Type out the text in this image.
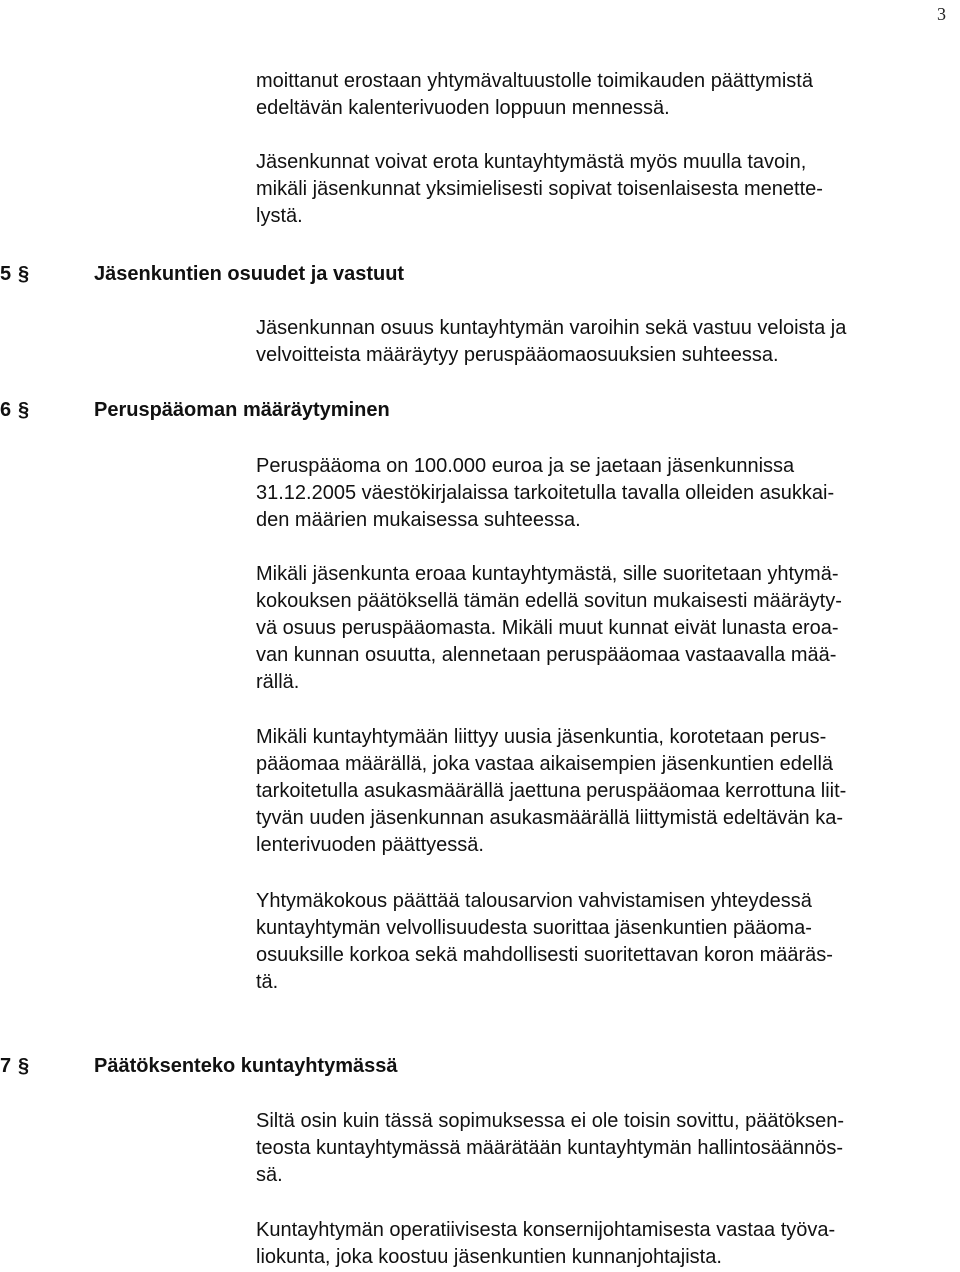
3

moittanut erostaan yhtymävaltuustolle toimikauden päättymistä
edeltävän kalenterivuoden loppuun mennessä.

Jäsenkunnat voivat erota kuntayhtymästä myös muulla tavoin,
mikäli jäsenkunnat yksimielisesti sopivat toisenlaisesta menette-
lystä.

5 §	Jäsenkuntien osuudet ja vastuut

Jäsenkunnan osuus kuntayhtymän varoihin sekä vastuu veloista ja
velvoitteista määräytyy peruspääomaosuuksien suhteessa.

6 §	Peruspääoman määräytyminen

Peruspääoma on 100.000 euroa ja se jaetaan jäsenkunnissa
31.12.2005 väestökirjalaissa tarkoitetulla tavalla olleiden asukkai-
den määrien mukaisessa suhteessa.

Mikäli jäsenkunta eroaa kuntayhtymästä, sille suoritetaan yhtymä-
kokouksen päätöksellä tämän edellä sovitun mukaisesti määräyty-
vä osuus peruspääomasta. Mikäli muut kunnat eivät lunasta eroa-
van kunnan osuutta, alennetaan peruspääomaa vastaavalla mää-
rällä.

Mikäli kuntayhtymään liittyy uusia jäsenkuntia, korotetaan perus-
pääomaa määrällä, joka vastaa aikaisempien jäsenkuntien edellä
tarkoitetulla asukasmäärällä jaettuna peruspääomaa kerrottuna liit-
tyvän uuden jäsenkunnan asukasmäärällä liittymistä edeltävän ka-
lenterivuoden päättyessä.

Yhtymäkokous päättää talousarvion vahvistamisen yhteydessä
kuntayhtymän velvollisuudesta suorittaa jäsenkuntien pääoma-
osuuksille korkoa sekä mahdollisesti suoritettavan koron määräs-
tä.

7 §	Päätöksenteko kuntayhtymässä

Siltä osin kuin tässä sopimuksessa ei ole toisin sovittu, päätöksen-
teosta kuntayhtymässä määrätään kuntayhtymän hallintosäännös-
sä.

Kuntayhtymän operatiivisesta konsernijohtamisesta vastaa työva-
liokunta, joka koostuu jäsenkuntien kunnanjohtajista.
